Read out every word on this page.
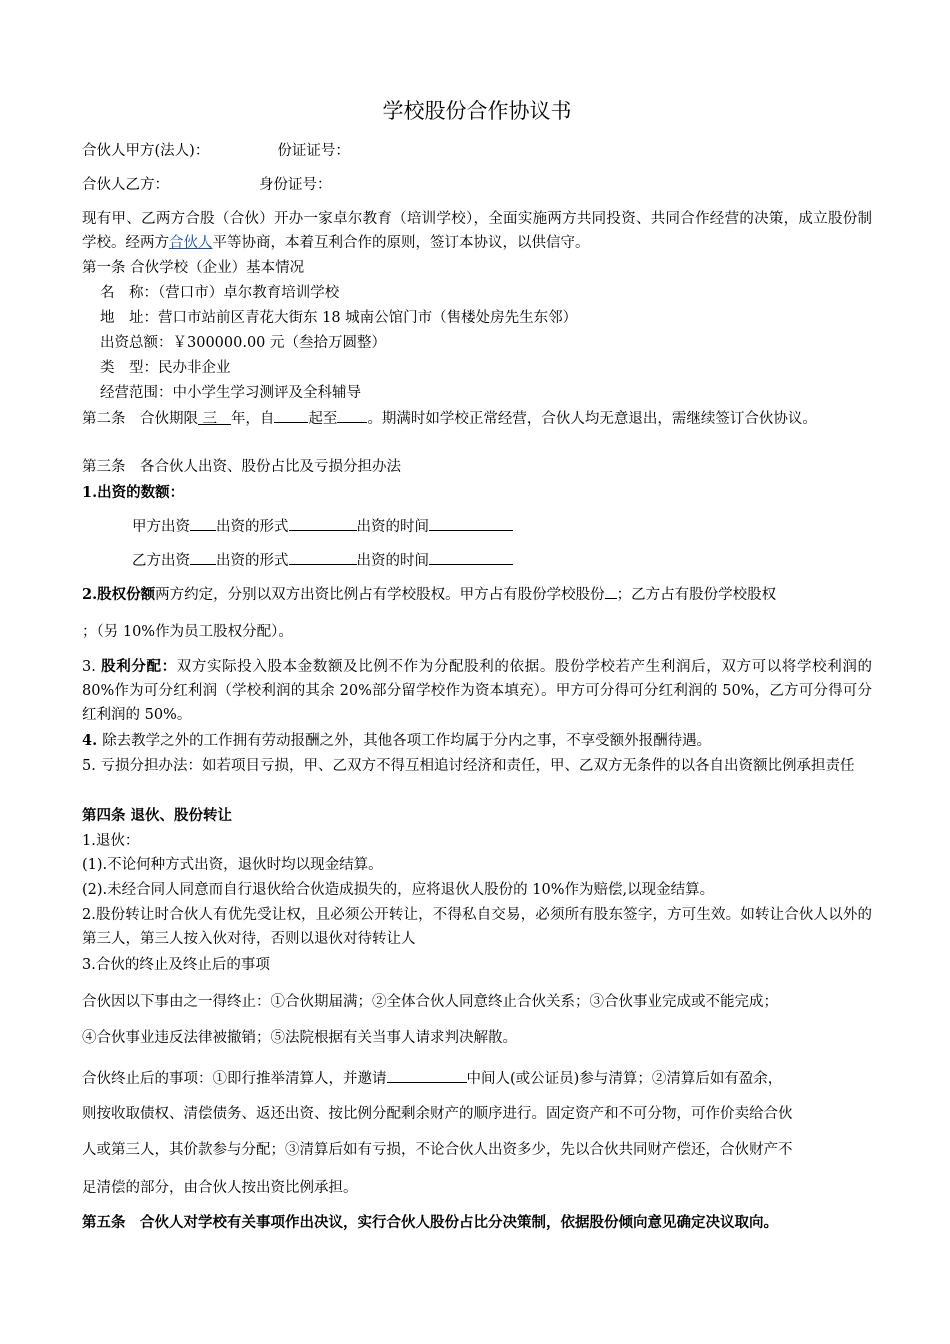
学校股份合作协议书
合伙人甲方(法人)：	份证证号：
合伙人乙方：	身份证号：
现有甲、乙两方合股（合伙）开办一家卓尔教育（培训学校），全面实施两方共同投资、共同合作经营的决策，成立股份制学校。经两方合伙人平等协商，本着互利合作的原则，签订本协议，以供信守。
第一条 合伙学校（企业）基本情况
名　称：（营口市）卓尔教育培训学校
地　址：营口市站前区青花大街东 18 城南公馆门市（售楼处房先生东邻）
出资总额：￥300000.00 元（叁拾万圆整）
类　型：民办非企业
经营范围：中小学生学习测评及全科辅导
第二条　合伙期限 三 年，自 起至 。期满时如学校正常经营，合伙人均无意退出，需继续签订合伙协议。
第三条　各合伙人出资、股份占比及亏损分担办法
1.出资的数额：
甲方出资 出资的形式	出资的时间
乙方出资 出资的形式	出资的时间
2.股权份额两方约定，分别以双方出资比例占有学校股权。甲方占有股份学校股份 ；乙方占有股份学校股权
；（另 10%作为员工股权分配）。
3. 股利分配：双方实际投入股本金数额及比例不作为分配股利的依据。股份学校若产生利润后，双方可以将学校利润的 80%作为可分红利润（学校利润的其余 20%部分留学校作为资本填充）。甲方可分得可分红利润的 50%，乙方可分得可分红利润的 50%。
4. 除去教学之外的工作拥有劳动报酬之外，其他各项工作均属于分内之事，不享受额外报酬待遇。
5. 亏损分担办法：如若项目亏损，甲、乙双方不得互相追讨经济和责任，甲、乙双方无条件的以各自出资额比例承担责任
第四条 退伙、股份转让
1.退伙：
(1).不论何种方式出资，退伙时均以现金结算。
(2).未经合同人同意而自行退伙给合伙造成损失的，应将退伙人股份的 10%作为赔偿,以现金结算。
2.股份转让时合伙人有优先受让权，且必须公开转让，不得私自交易，必须所有股东签字，方可生效。如转让合伙人以外的第三人，第三人按入伙对待，否则以退伙对待转让人
3.合伙的终止及终止后的事项
合伙因以下事由之一得终止：①合伙期届满；②全体合伙人同意终止合伙关系；③合伙事业完成或不能完成；
④合伙事业违反法律被撤销；⑤法院根据有关当事人请求判决解散。
合伙终止后的事项：①即行推举清算人，并邀请	中间人(或公证员)参与清算；②清算后如有盈余，
则按收取债权、清偿债务、返还出资、按比例分配剩余财产的顺序进行。固定资产和不可分物，可作价卖给合伙
人或第三人，其价款参与分配；③清算后如有亏损，不论合伙人出资多少，先以合伙共同财产偿还，合伙财产不
足清偿的部分，由合伙人按出资比例承担。
第五条　合伙人对学校有关事项作出决议，实行合伙人股份占比分决策制，依据股份倾向意见确定决议取向。
